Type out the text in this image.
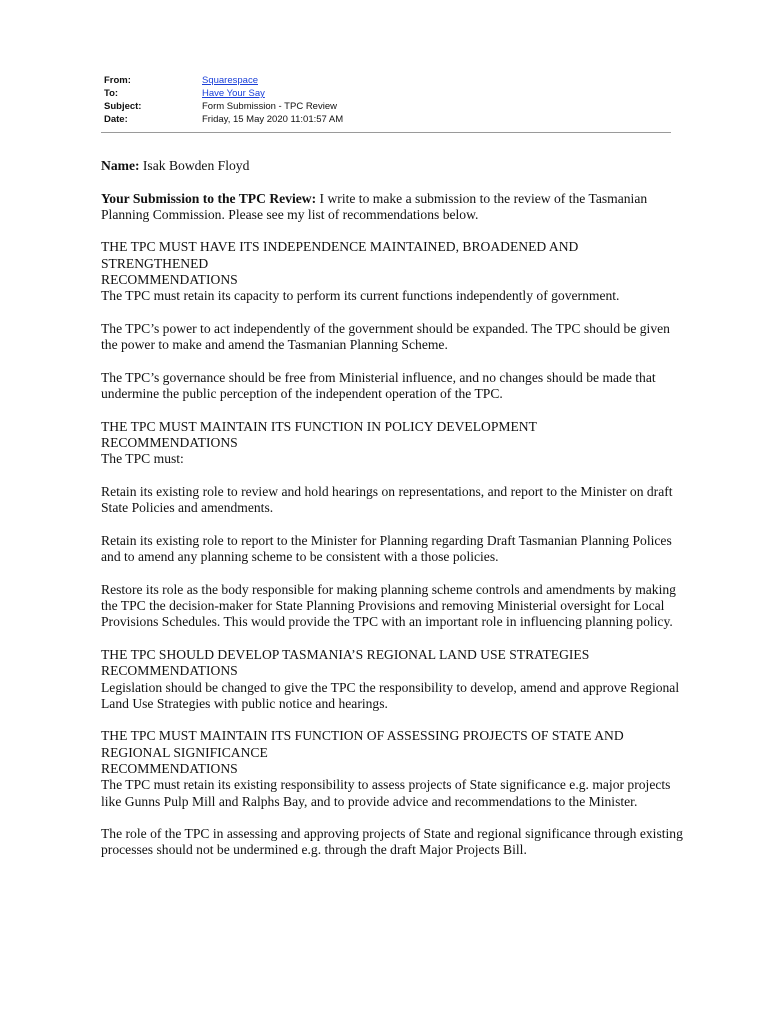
From:	Squarespace
To:	Have Your Say
Subject:	Form Submission - TPC Review
Date:	Friday, 15 May 2020 11:01:57 AM

Name: Isak Bowden Floyd

Your Submission to the TPC Review: I write to make a submission to the review of the Tasmanian Planning Commission. Please see my list of recommendations below.

THE TPC MUST HAVE ITS INDEPENDENCE MAINTAINED, BROADENED AND STRENGTHENED
RECOMMENDATIONS
The TPC must retain its capacity to perform its current functions independently of government.

The TPC’s power to act independently of the government should be expanded. The TPC should be given the power to make and amend the Tasmanian Planning Scheme.

The TPC’s governance should be free from Ministerial influence, and no changes should be made that undermine the public perception of the independent operation of the TPC.

THE TPC MUST MAINTAIN ITS FUNCTION IN POLICY DEVELOPMENT
RECOMMENDATIONS
The TPC must:

Retain its existing role to review and hold hearings on representations, and report to the Minister on draft State Policies and amendments.

Retain its existing role to report to the Minister for Planning regarding Draft Tasmanian Planning Polices and to amend any planning scheme to be consistent with a those policies.

Restore its role as the body responsible for making planning scheme controls and amendments by making the TPC the decision-maker for State Planning Provisions and removing Ministerial oversight for Local Provisions Schedules. This would provide the TPC with an important role in influencing planning policy.

THE TPC SHOULD DEVELOP TASMANIA’S REGIONAL LAND USE STRATEGIES
RECOMMENDATIONS
Legislation should be changed to give the TPC the responsibility to develop, amend and approve Regional Land Use Strategies with public notice and hearings.

THE TPC MUST MAINTAIN ITS FUNCTION OF ASSESSING PROJECTS OF STATE AND REGIONAL SIGNIFICANCE
RECOMMENDATIONS
The TPC must retain its existing responsibility to assess projects of State significance e.g. major projects like Gunns Pulp Mill and Ralphs Bay, and to provide advice and recommendations to the Minister.

The role of the TPC in assessing and approving projects of State and regional significance through existing processes should not be undermined e.g. through the draft Major Projects Bill.
